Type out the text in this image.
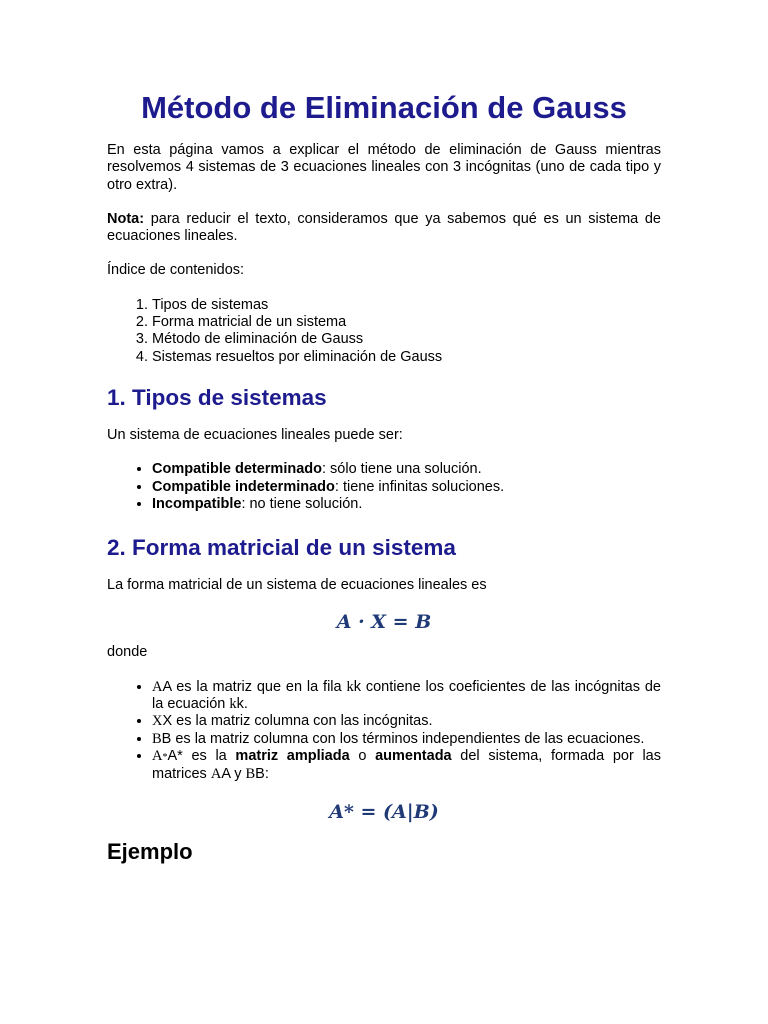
Método de Eliminación de Gauss

En esta página vamos a explicar el método de eliminación de Gauss mientras resolvemos 4 sistemas de 3 ecuaciones lineales con 3 incógnitas (uno de cada tipo y otro extra).

Nota: para reducir el texto, consideramos que ya sabemos qué es un sistema de ecuaciones lineales.

Índice de contenidos:

1. Tipos de sistemas
2. Forma matricial de un sistema
3. Método de eliminación de Gauss
4. Sistemas resueltos por eliminación de Gauss
1. Tipos de sistemas

Un sistema de ecuaciones lineales puede ser:

• Compatible determinado: sólo tiene una solución.
• Compatible indeterminado: tiene infinitas soluciones.
• Incompatible: no tiene solución.
2. Forma matricial de un sistema

La forma matricial de un sistema de ecuaciones lineales es

A · X = B

donde

• AA es la matriz que en la fila kk contiene los coeficientes de las incógnitas de la ecuación kk.
• XX es la matriz columna con las incógnitas.
• BB es la matriz columna con los términos independientes de las ecuaciones.
• A*A* es la matriz ampliada o aumentada del sistema, formada por las matrices AA y BB:
A* = (A|B)
Ejemplo
